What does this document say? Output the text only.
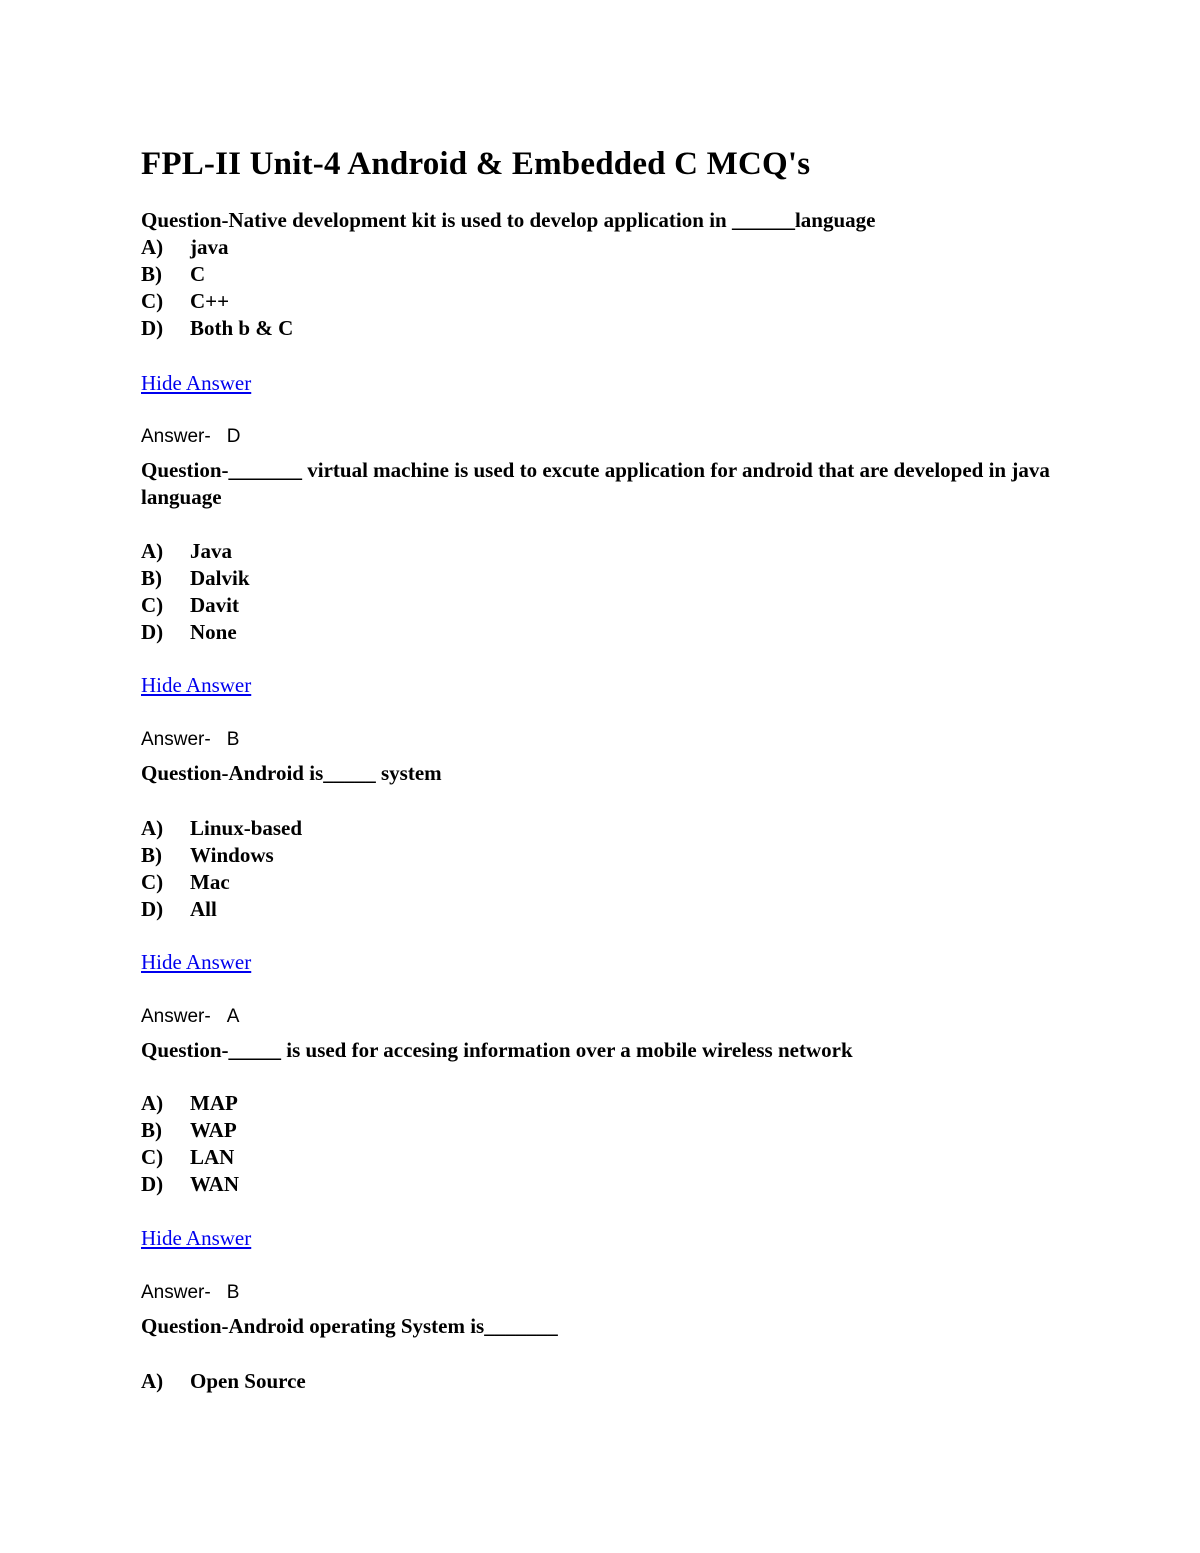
FPL-II Unit-4 Android & Embedded C MCQ's

Question-Native development kit is used to develop application in ______language

A)	java
B)	C
C)	C++
D)	Both b & C
Hide Answer

Answer- D

Question-_______ virtual machine is used to excute application for android that are developed in java language

A)	Java
B)	Dalvik
C)	Davit
D)	None
Hide Answer

Answer- B

Question-Android is_____ system

A)	Linux-based
B)	Windows
C)	Mac
D)	All
Hide Answer

Answer- A

Question-_____ is used for accesing information over a mobile wireless network

A)	MAP
B)	WAP
C)	LAN
D)	WAN
Hide Answer

Answer- B

Question-Android operating System is_______

A)	Open Source
